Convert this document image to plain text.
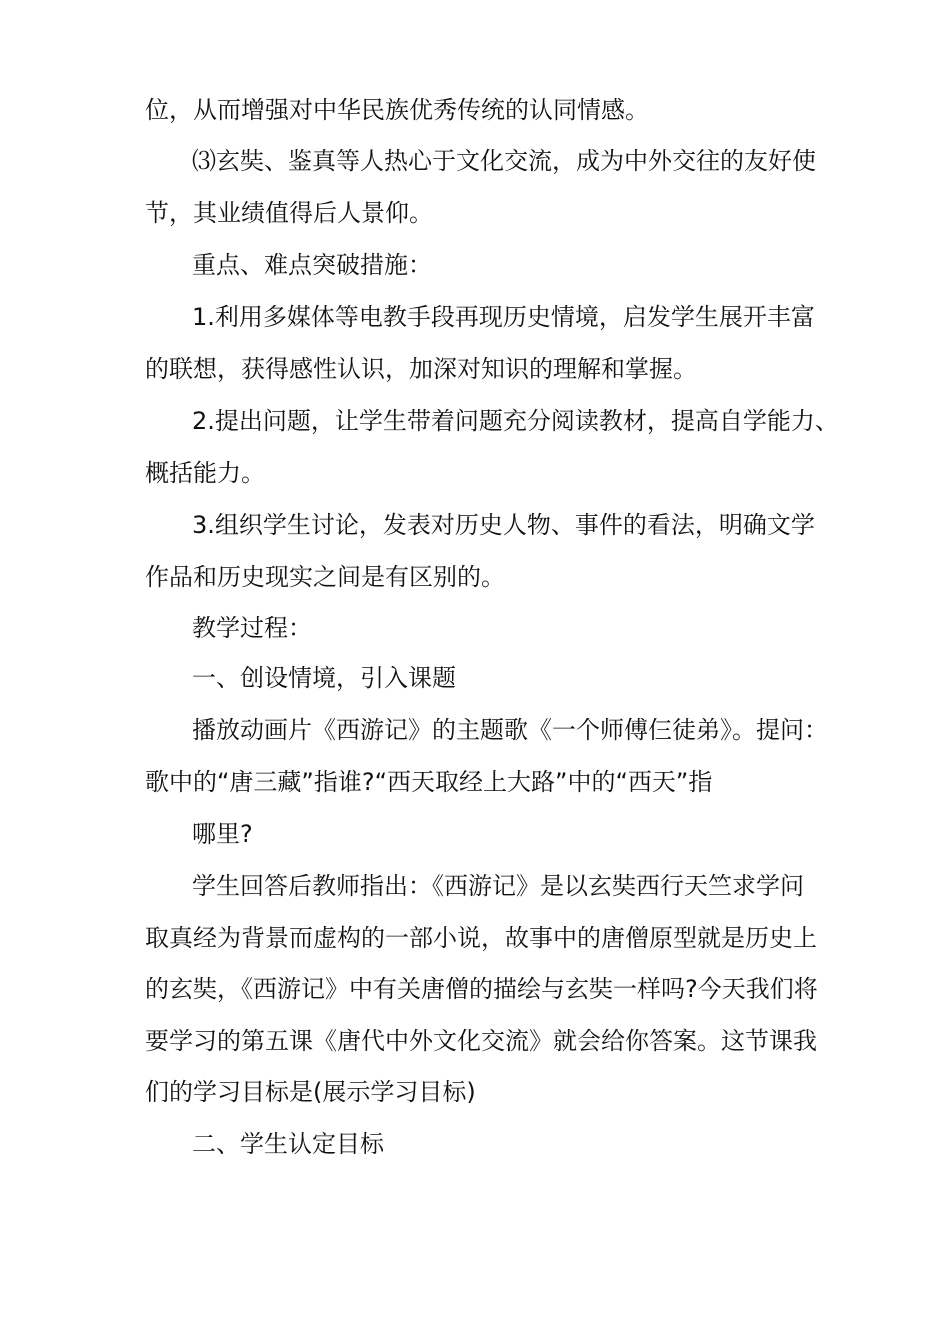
位，从而增强对中华民族优秀传统的认同情感。
⑶玄奘、鉴真等人热心于文化交流，成为中外交往的友好使
节，其业绩值得后人景仰。
重点、难点突破措施：
1.利用多媒体等电教手段再现历史情境，启发学生展开丰富
的联想，获得感性认识，加深对知识的理解和掌握。
2.提出问题，让学生带着问题充分阅读教材，提高自学能力、
概括能力。
3.组织学生讨论，发表对历史人物、事件的看法，明确文学
作品和历史现实之间是有区别的。
教学过程：
一、创设情境，引入课题
播放动画片《西游记》的主题歌《一个师傅仨徒弟》。提问：
歌中的“唐三藏”指谁?“西天取经上大路”中的“西天”指
哪里?
学生回答后教师指出：《西游记》是以玄奘西行天竺求学问
取真经为背景而虚构的一部小说，故事中的唐僧原型就是历史上
的玄奘，《西游记》中有关唐僧的描绘与玄奘一样吗?今天我们将
要学习的第五课《唐代中外文化交流》就会给你答案。这节课我
们的学习目标是(展示学习目标)
二、学生认定目标
